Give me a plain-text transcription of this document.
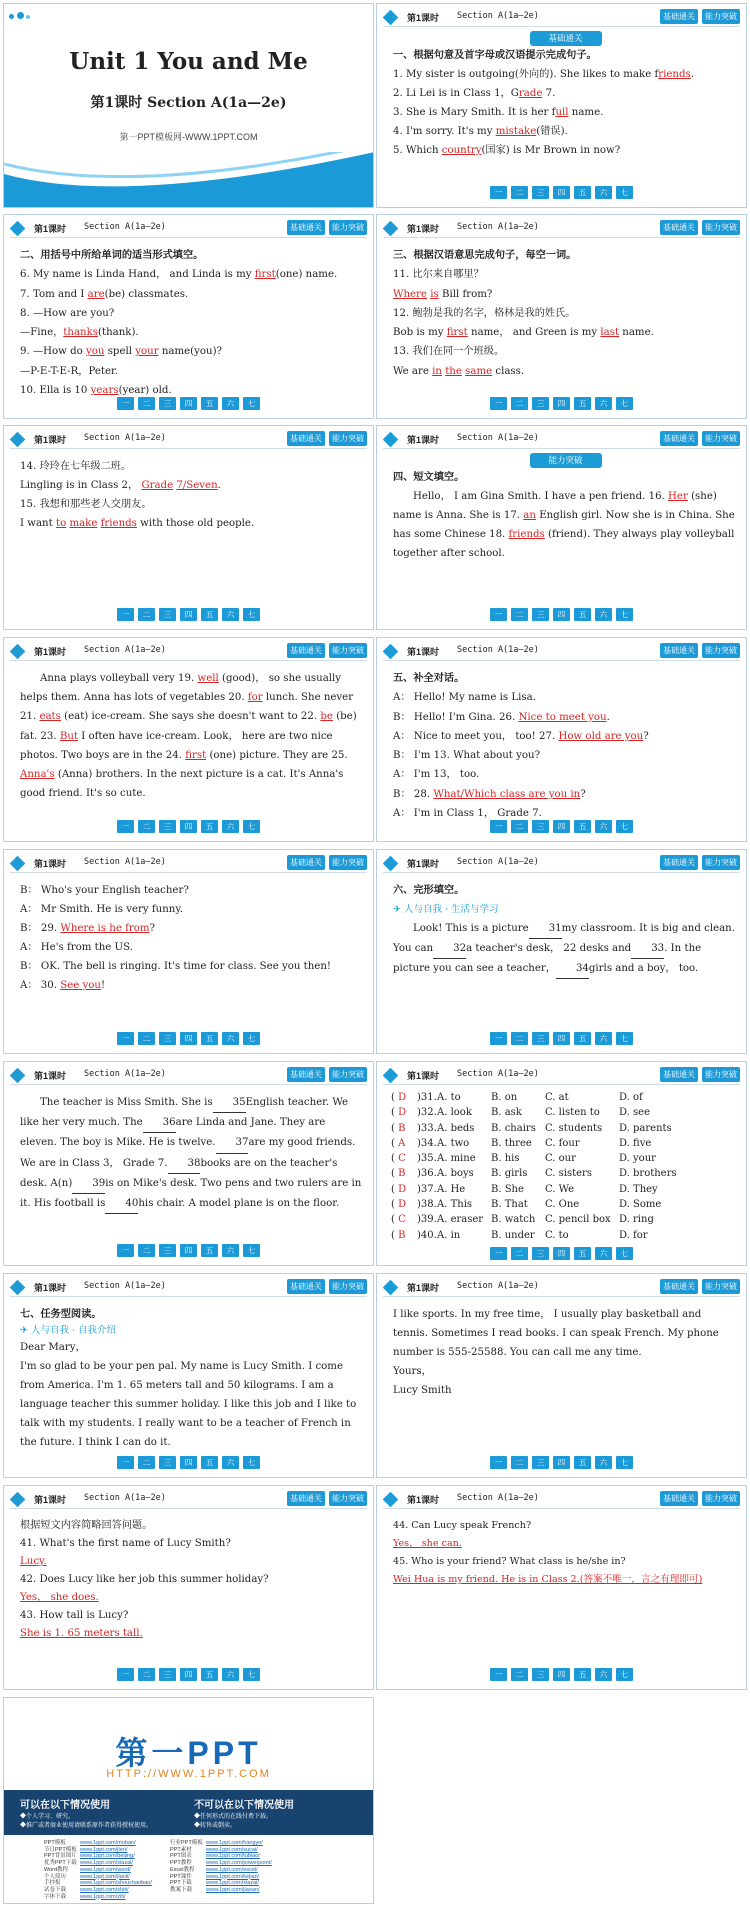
Unit 1 You and Me
第1课时 Section A(1a—2e)
第一PPT模板网-WWW.1PPT.COM
第1课时 Section A(1a—2e)	基础通关	能力突破
基础通关

一、根据句意及首字母或汉语提示完成句子。

1. My sister is outgoing(外向的). She likes to make friends.

2. Li Lei is in Class 1，Grade 7.

3. She is Mary Smith. It is her full name.

4. I'm sorry. It's my mistake(错误).

5. Which country(国家) is Mr Brown in now?

一	二	三	四	五	六	七
第1课时 Section A(1a—2e)	基础通关	能力突破

二、用括号中所给单词的适当形式填空。

6. My name is Linda Hand， and Linda is my first(one) name.

7. Tom and I are(be) classmates.

8. —How are you?

—Fine，thanks(thank).

9. —How do you spell your name(you)?

—P-E-T-E-R，Peter.

10. Ella is 10 years(year) old.

一	二	三	四	五	六	七
第1课时 Section A(1a—2e)	基础通关	能力突破

三、根据汉语意思完成句子，每空一词。

11. 比尔来自哪里？

Where is Bill from?

12. 鲍勃是我的名字，格林是我的姓氏。

Bob is my first name， and Green is my last name.

13. 我们在同一个班级。

We are in the same class.

一	二	三	四	五	六	七
第1课时 Section A(1a—2e)	基础通关	能力突破

14. 玲玲在七年级二班。

Lingling is in Class 2， Grade 7/Seven.

15. 我想和那些老人交朋友。

I want to make friends with those old people.

一	二	三	四	五	六	七
第1课时 Section A(1a—2e)	基础通关	能力突破
能力突破

四、短文填空。

Hello， I am Gina Smith. I have a pen friend. 16. Her (she) name is Anna. She is 17. an English girl. Now she is in China. She has some Chinese 18. friends (friend). They always play volleyball together after school.

一	二	三	四	五	六	七
第1课时 Section A(1a—2e)	基础通关	能力突破

Anna plays volleyball very 19. well (good)， so she usually helps them. Anna has lots of vegetables 20. for lunch. She never 21. eats (eat) ice-cream. She says she doesn't want to 22. be (be) fat. 23. But I often have ice-cream. Look， here are two nice photos. Two boys are in the 24. first (one) picture. They are 25. Anna's (Anna) brothers. In the next picture is a cat. It's Anna's good friend. It's so cute.

一	二	三	四	五	六	七
第1课时 Section A(1a—2e)	基础通关	能力突破

五、补全对话。

A： Hello! My name is Lisa.

B： Hello! I'm Gina. 26. Nice to meet you.

A： Nice to meet you， too! 27. How old are you?

B： I'm 13. What about you?

A： I'm 13， too.

B： 28. What/Which class are you in?

A： I'm in Class 1， Grade 7.

一	二	三	四	五	六	七
第1课时 Section A(1a—2e)	基础通关	能力突破

B： Who's your English teacher?

A： Mr Smith. He is very funny.

B： 29. Where is he from?

A： He's from the US.

B： OK. The bell is ringing. It's time for class. See you then!

A： 30. See you!

一	二	三	四	五	六	七
第1课时 Section A(1a—2e)	基础通关	能力突破

六、完形填空。

✈ 人与自我 · 生活与学习

Look! This is a picture 31my classroom. It is big and clean. You can 32a teacher's desk， 22 desks and 33. In the picture you can see a teacher， 34girls and a boy， too.

一	二	三	四	五	六	七
第1课时 Section A(1a—2e)	基础通关	能力突破

The teacher is Miss Smith. She is 35English teacher. We like her very much. The 36are Linda and Jane. They are eleven. The boy is Mike. He is twelve. 37are my good friends. We are in Class 3， Grade 7. 38books are on the teacher's desk. A(n) 39is on Mike's desk. Two pens and two rulers are in it. His football is 40his chair. A model plane is on the floor.

一	二	三	四	五	六	七
第1课时 Section A(1a—2e)	基础通关	能力突破
( D	)31. A. to	B. on	C. at	D. of
( D	)32. A. look	B. ask	C. listen to	D. see
( B	)33. A. beds	B. chairs C. students	D. parents
( A	)34. A. two	B. three	C. four	D. five
( C	)35. A. mine	B. his	C. our	D. your
( B	)36. A. boys	B. girls	C. sisters	D. brothers
( D	)37. A. He	B. She	C. We	D. They
( D	)38. A. This	B. That	C. One	D. Some
( C	)39. A. eraser B. watch C. pencil box D. ring
( B	)40. A. in	B. under	C. to	D. for
一	二	三	四	五	六	七
第1课时 Section A(1a—2e)	基础通关	能力突破

七、任务型阅读。

✈ 人与自我 · 自我介绍

Dear Mary，

I'm so glad to be your pen pal. My name is Lucy Smith. I come from America. I'm 1. 65 meters tall and 50 kilograms. I am a language teacher this summer holiday. I like this job and I like to talk with my students. I really want to be a teacher of French in the future. I think I can do it.

一	二	三	四	五	六	七
第1课时 Section A(1a—2e)	基础通关	能力突破

I like sports. In my free time， I usually play basketball and tennis. Sometimes I read books. I can speak French. My phone number is 555-25588. You can call me any time.

Yours，

Lucy Smith

一	二	三	四	五	六	七
第1课时 Section A(1a—2e)	基础通关	能力突破

根据短文内容简略回答问题。

41. What's the first name of Lucy Smith?

Lucy.

42. Does Lucy like her job this summer holiday?

Yes， she does.

43. How tall is Lucy?

She is 1. 65 meters tall.

一	二	三	四	五	六	七
第1课时 Section A(1a—2e)	基础通关	能力突破

44. Can Lucy speak French?

Yes， she can.

45. Who is your friend? What class is he/she in?

Wei Hua is my friend. He is in Class 2.(答案不唯一，言之有理即可)

一	二	三	四	五	六	七
第一PPT
HTTP://WWW.1PPT.COM
可以在以下情况使用
◆个人学习、研究。
◆推广或者商业使用请联系原作者获得授权使用。
不可以在以下情况使用
◆任何形式的在线付费下载。
◆转售或倒卖。
PPT模板	www.1ppt.com/moban/	行业PPT模板 www.1ppt.com/hangye/
节日PPT模板 www.1ppt.com/jieri/	PPT素材	www.1ppt.com/sucai/
PPT背景图片 www.1ppt.com/beijing/	PPT图表	www.1ppt.com/tubiao/
优秀PPT下载 www.1ppt.com/xiazai/	PPT教程	www.1ppt.com/powerpoint/
Word教程	www.1ppt.com/word/	Excel教程	www.1ppt.com/excel/
个人简历	www.1ppt.com/jianli/	PPT课件	www.1ppt.com/kejian/
手抄报	www.1ppt.com/shouchaobao/	PPT下载	www.1ppt.com/xiazai/
试卷下载	www.1ppt.com/shiti/	教案下载	www.1ppt.com/jiaoan/
字体下载	www.1ppt.com/ziti/
